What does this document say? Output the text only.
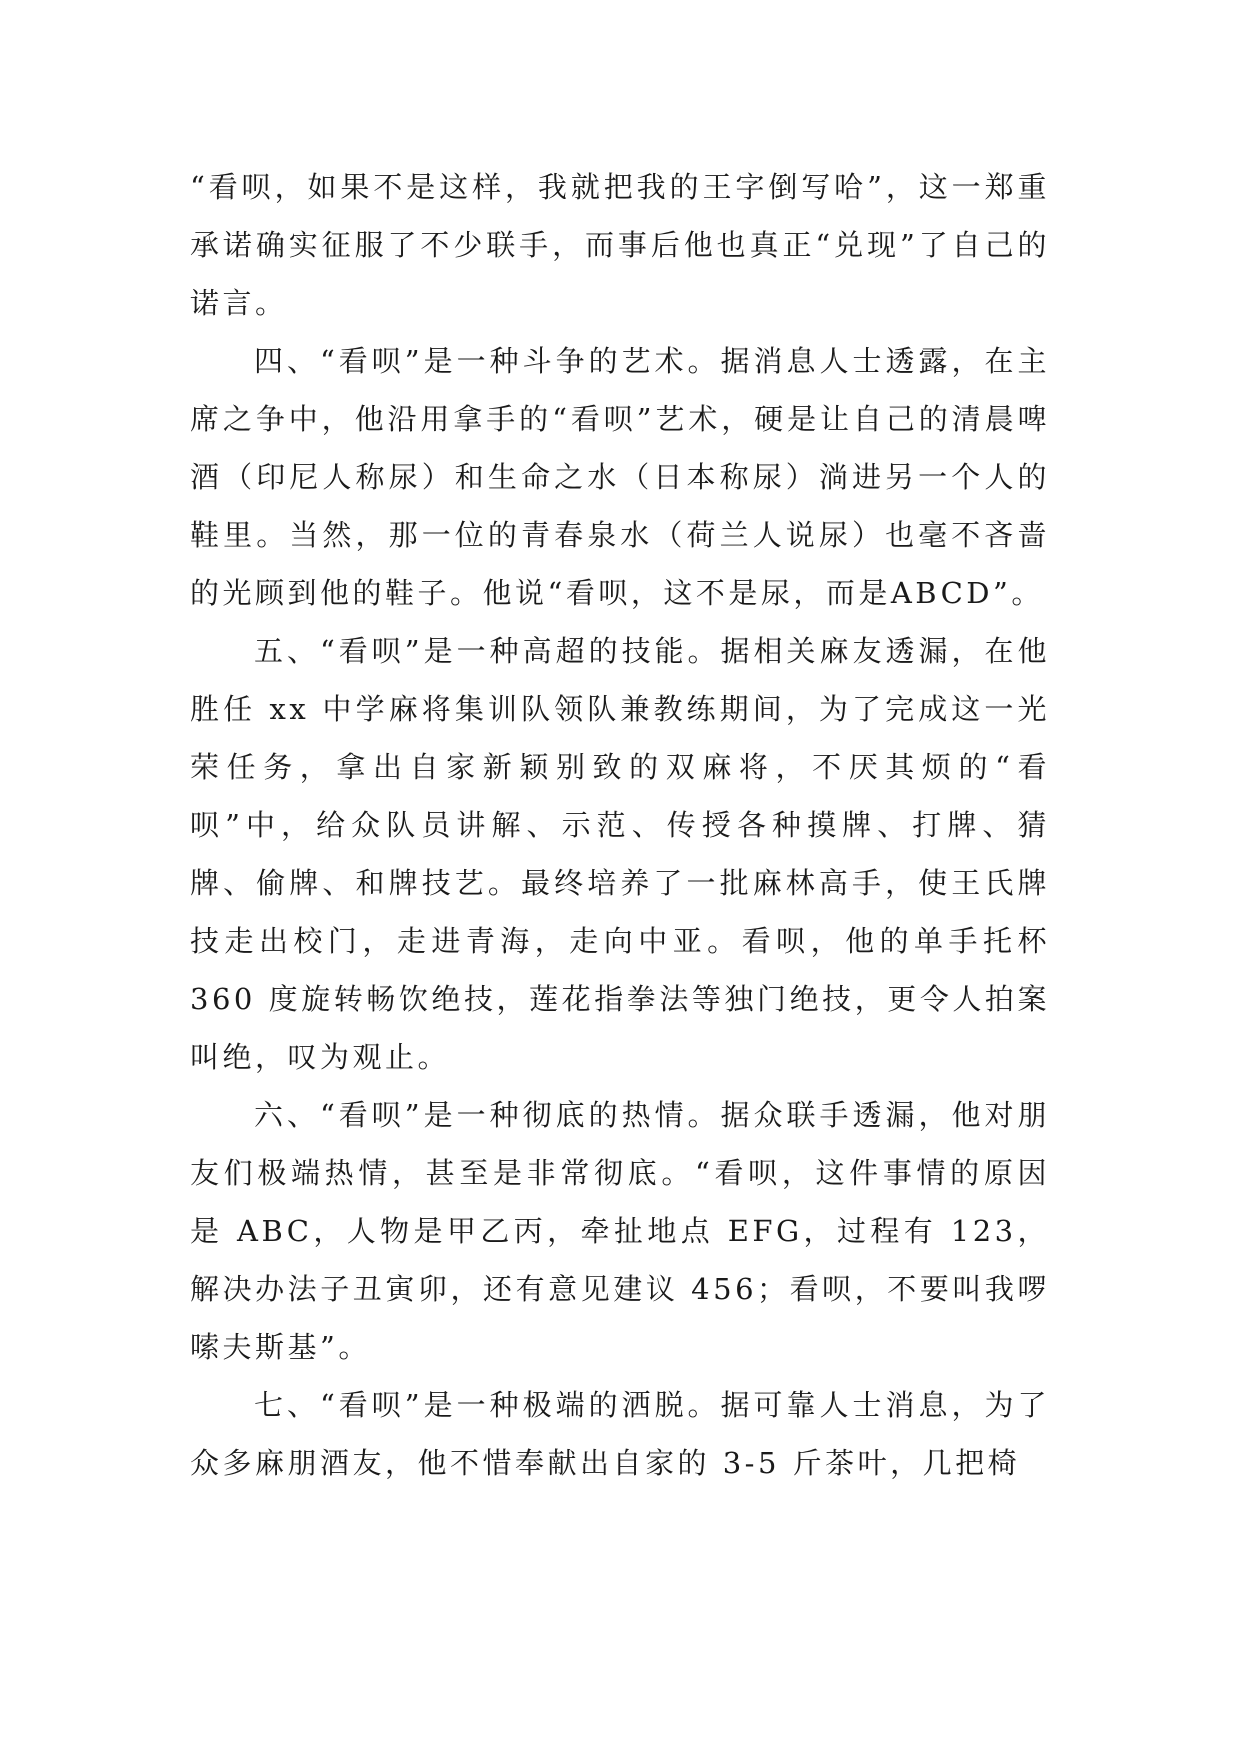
“看呗，如果不是这样，我就把我的王字倒写哈”，这一郑重承诺确实征服了不少联手，而事后他也真正“兑现”了自己的诺言。

四、“看呗”是一种斗争的艺术。据消息人士透露，在主席之争中，他沿用拿手的“看呗”艺术，硬是让自己的清晨啤酒（印尼人称尿）和生命之水（日本称尿）淌进另一个人的鞋里。当然，那一位的青春泉水（荷兰人说尿）也毫不吝啬的光顾到他的鞋子。他说“看呗，这不是尿，而是ABCD”。

五、“看呗”是一种高超的技能。据相关麻友透漏，在他胜任 xx 中学麻将集训队领队兼教练期间，为了完成这一光荣任务，拿出自家新颖别致的双麻将，不厌其烦的“看呗”中，给众队员讲解、示范、传授各种摸牌、打牌、猜牌、偷牌、和牌技艺。最终培养了一批麻林高手，使王氏牌技走出校门，走进青海，走向中亚。看呗，他的单手托杯 360 度旋转畅饮绝技，莲花指拳法等独门绝技，更令人拍案叫绝，叹为观止。

六、“看呗”是一种彻底的热情。据众联手透漏，他对朋友们极端热情，甚至是非常彻底。“看呗，这件事情的原因是 ABC，人物是甲乙丙，牵扯地点 EFG，过程有 123，解决办法子丑寅卯，还有意见建议 456；看呗，不要叫我啰嗦夫斯基”。

七、“看呗”是一种极端的洒脱。据可靠人士消息，为了众多麻朋酒友，他不惜奉献出自家的 3-5 斤茶叶，几把椅
